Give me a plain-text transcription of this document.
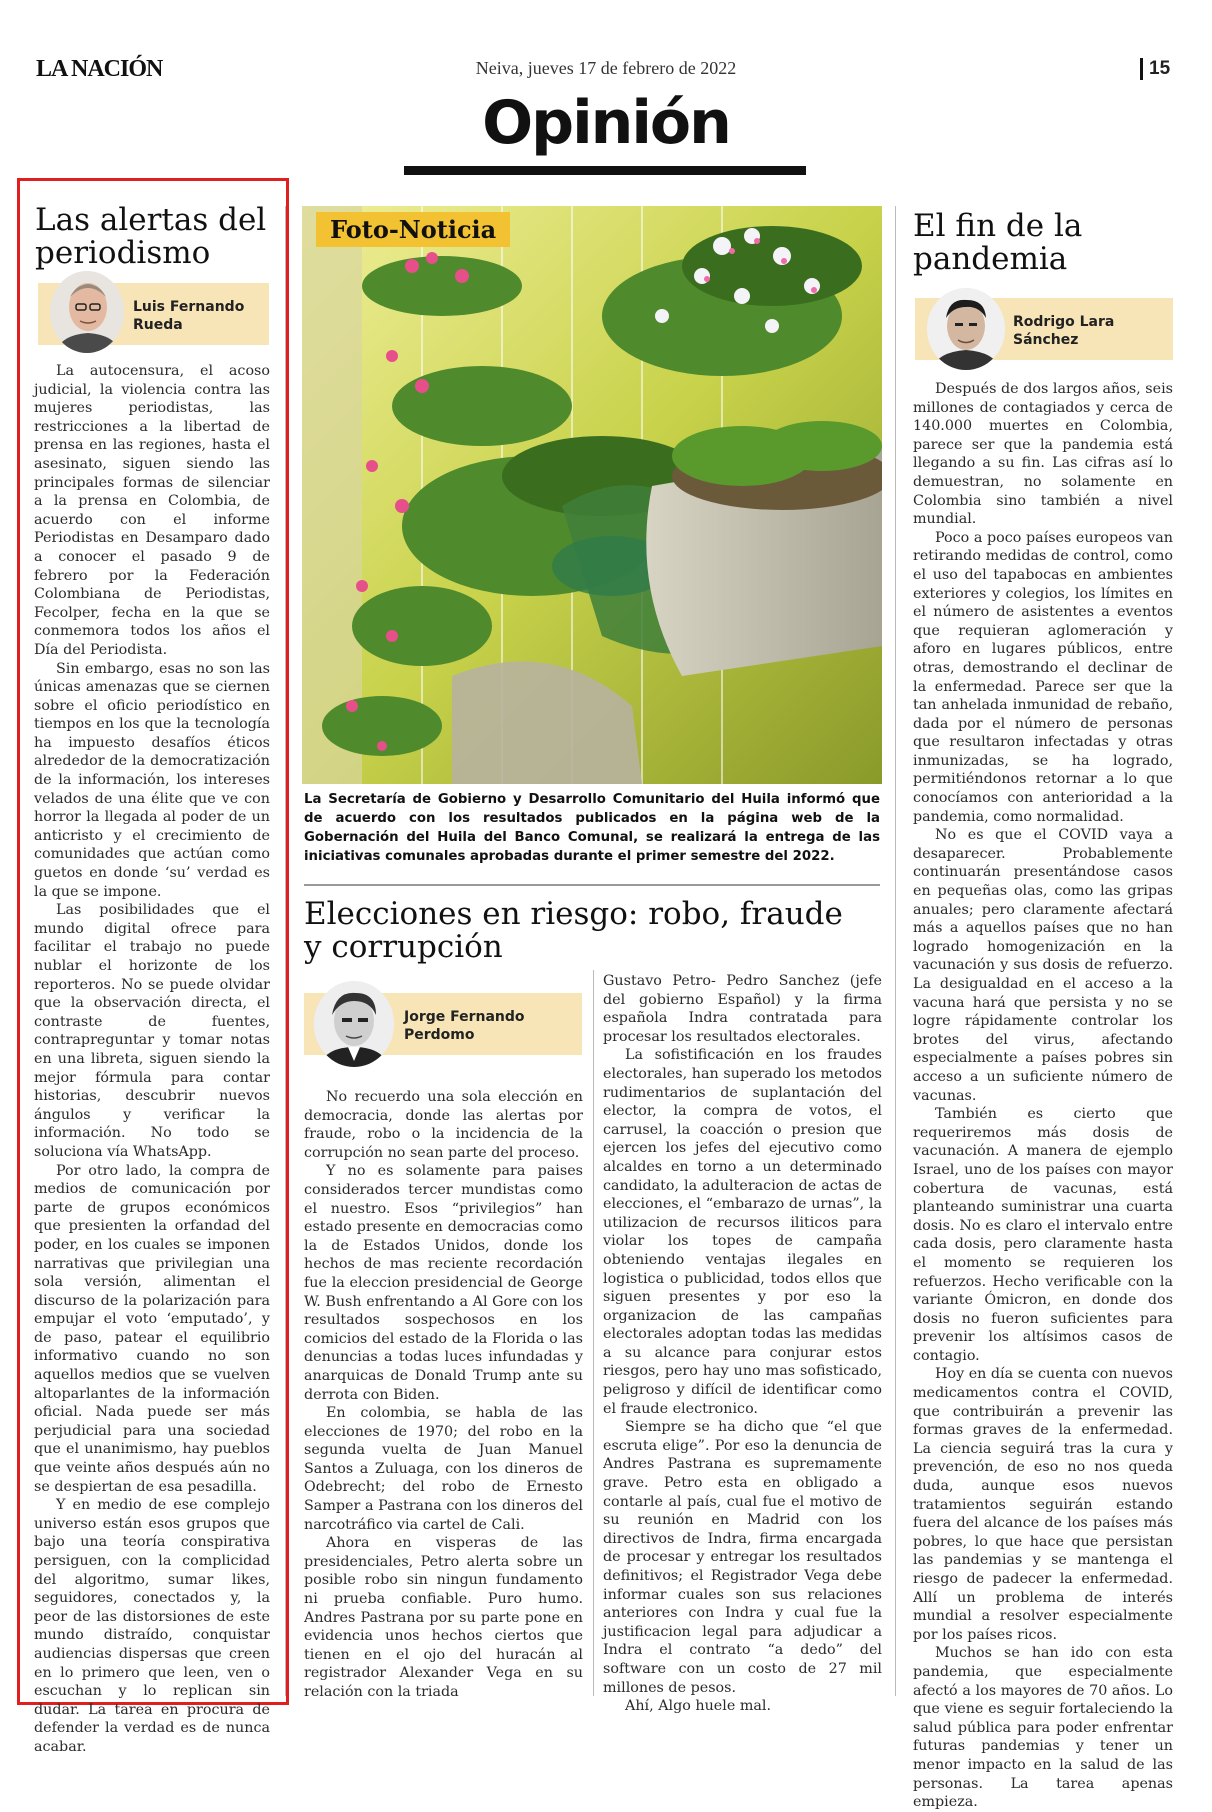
LA NACIÓN	Neiva, jueves 17 de febrero de 2022	15
Opinión
Las alertas del
periodismo
Luis Fernando
Rueda

La autocensura, el acoso judicial, la violencia contra las mujeres periodistas, las restricciones a la libertad de prensa en las regiones, hasta el asesinato, siguen siendo las principales formas de silenciar a la prensa en Colombia, de acuerdo con el informe Periodistas en Desamparo dado a conocer el pasado 9 de febrero por la Federación Colombiana de Periodistas, Fecolper, fecha en la que se conmemora todos los años el Día del Periodista.

Sin embargo, esas no son las únicas amenazas que se ciernen sobre el oficio periodístico en tiempos en los que la tecnología ha impuesto desafíos éticos alrededor de la democratización de la información, los intereses velados de una élite que ve con horror la llegada al poder de un anticristo y el crecimiento de comunidades que actúan como guetos en donde ‘su’ verdad es la que se impone.

Las posibilidades que el mundo digital ofrece para facilitar el trabajo no puede nublar el horizonte de los reporteros. No se puede olvidar que la observación directa, el contraste de fuentes, contrapreguntar y tomar notas en una libreta, siguen siendo la mejor fórmula para contar historias, descubrir nuevos ángulos y verificar la información. No todo se soluciona vía WhatsApp.

Por otro lado, la compra de medios de comunicación por parte de grupos económicos que presienten la orfandad del poder, en los cuales se imponen narrativas que privilegian una sola versión, alimentan el discurso de la polarización para empujar el voto ‘emputado’, y de paso, patear el equilibrio informativo cuando no son aquellos medios que se vuelven altoparlantes de la información oficial. Nada puede ser más perjudicial para una sociedad que el unanimismo, hay pueblos que veinte años después aún no se despiertan de esa pesadilla.

Y en medio de ese complejo universo están esos grupos que bajo una teoría conspirativa persiguen, con la complicidad del algoritmo, sumar likes, seguidores, conectados y, la peor de las distorsiones de este mundo distraído, conquistar audiencias dispersas que creen en lo primero que leen, ven o escuchan y lo replican sin dudar. La tarea en procura de defender la verdad es de nunca acabar.

Foto-Noticia
La Secretaría de Gobierno y Desarrollo Comunitario del Huila informó que de acuerdo con los resultados publicados en la página web de la Gobernación del Huila del Banco Comunal, se realizará la entrega de las iniciativas comunales aprobadas durante el primer semestre del 2022.
Elecciones en riesgo: robo, fraude
y corrupción
Jorge Fernando
Perdomo

No recuerdo una sola elección en democracia, donde las alertas por fraude, robo o la incidencia de la corrupción no sean parte del proceso.

Y no es solamente para paises considerados tercer mundistas como el nuestro. Esos “privilegios” han estado presente en democracias como la de Estados Unidos, donde los hechos de mas reciente recordación fue la eleccion presidencial de George W. Bush enfrentando a Al Gore con los resultados sospechosos en los comicios del estado de la Florida o las denuncias a todas luces infundadas y anarquicas de Donald Trump ante su derrota con Biden.

En colombia, se habla de las elecciones de 1970; del robo en la segunda vuelta de Juan Manuel Santos a Zuluaga, con los dineros de Odebrecht; del robo de Ernesto Samper a Pastrana con los dineros del narcotráfico via cartel de Cali.

Ahora en visperas de las presidenciales, Petro alerta sobre un posible robo sin ningun fundamento ni prueba confiable. Puro humo. Andres Pastrana por su parte pone en evidencia unos hechos ciertos que tienen en el ojo del huracán al registrador Alexander Vega en su relación con la triada

Gustavo Petro- Pedro Sanchez (jefe del gobierno Español) y la firma española Indra contratada para procesar los resultados electorales.

La sofistificación en los fraudes electorales, han superado los metodos rudimentarios de suplantación del elector, la compra de votos, el carrusel, la coacción o presion que ejercen los jefes del ejecutivo como alcaldes en torno a un determinado candidato, la adulteracion de actas de elecciones, el “embarazo de urnas”, la utilizacion de recursos iliticos para violar los topes de campaña obteniendo ventajas ilegales en logistica o publicidad, todos ellos que siguen presentes y por eso la organizacion de las campañas electorales adoptan todas las medidas a su alcance para conjurar estos riesgos, pero hay uno mas sofisticado, peligroso y difícil de identificar como el fraude electronico.

Siempre se ha dicho que “el que escruta elige”. Por eso la denuncia de Andres Pastrana es supremamente grave. Petro esta en obligado a contarle al país, cual fue el motivo de su reunión en Madrid con los directivos de Indra, firma encargada de procesar y entregar los resultados definitivos; el Registrador Vega debe informar cuales son sus relaciones anteriores con Indra y cual fue la justificacion legal para adjudicar a Indra el contrato “a dedo” del software con un costo de 27 mil millones de pesos.

Ahí, Algo huele mal.

El fin de la
pandemia
Rodrigo Lara
Sánchez

Después de dos largos años, seis millones de contagiados y cerca de 140.000 muertes en Colombia, parece ser que la pandemia está llegando a su fin. Las cifras así lo demuestran, no solamente en Colombia sino también a nivel mundial.

Poco a poco países europeos van retirando medidas de control, como el uso del tapabocas en ambientes exteriores y colegios, los límites en el número de asistentes a eventos que requieran aglomeración y aforo en lugares públicos, entre otras, demostrando el declinar de la enfermedad. Parece ser que la tan anhelada inmunidad de rebaño, dada por el número de personas que resultaron infectadas y otras inmunizadas, se ha logrado, permitiéndonos retornar a lo que conocíamos con anterioridad a la pandemia, como normalidad.

No es que el COVID vaya a desaparecer. Probablemente continuarán presentándose casos en pequeñas olas, como las gripas anuales; pero claramente afectará más a aquellos países que no han logrado homogenización en la vacunación y sus dosis de refuerzo. La desigualdad en el acceso a la vacuna hará que persista y no se logre rápidamente controlar los brotes del virus, afectando especialmente a países pobres sin acceso a un suficiente número de vacunas.

También es cierto que requeriremos más dosis de vacunación. A manera de ejemplo Israel, uno de los países con mayor cobertura de vacunas, está planteando suministrar una cuarta dosis. No es claro el intervalo entre cada dosis, pero claramente hasta el momento se requieren los refuerzos. Hecho verificable con la variante Ómicron, en donde dos dosis no fueron suficientes para prevenir los altísimos casos de contagio.

Hoy en día se cuenta con nuevos medicamentos contra el COVID, que contribuirán a prevenir las formas graves de la enfermedad. La ciencia seguirá tras la cura y prevención, de eso no nos queda duda, aunque esos nuevos tratamientos seguirán estando fuera del alcance de los países más pobres, lo que hace que persistan las pandemias y se mantenga el riesgo de padecer la enfermedad. Allí un problema de interés mundial a resolver especialmente por los países ricos.

Muchos se han ido con esta pandemia, que especialmente afectó a los mayores de 70 años. Lo que viene es seguir fortaleciendo la salud pública para poder enfrentar futuras pandemias y tener un menor impacto en la salud de las personas. La tarea apenas empieza.
